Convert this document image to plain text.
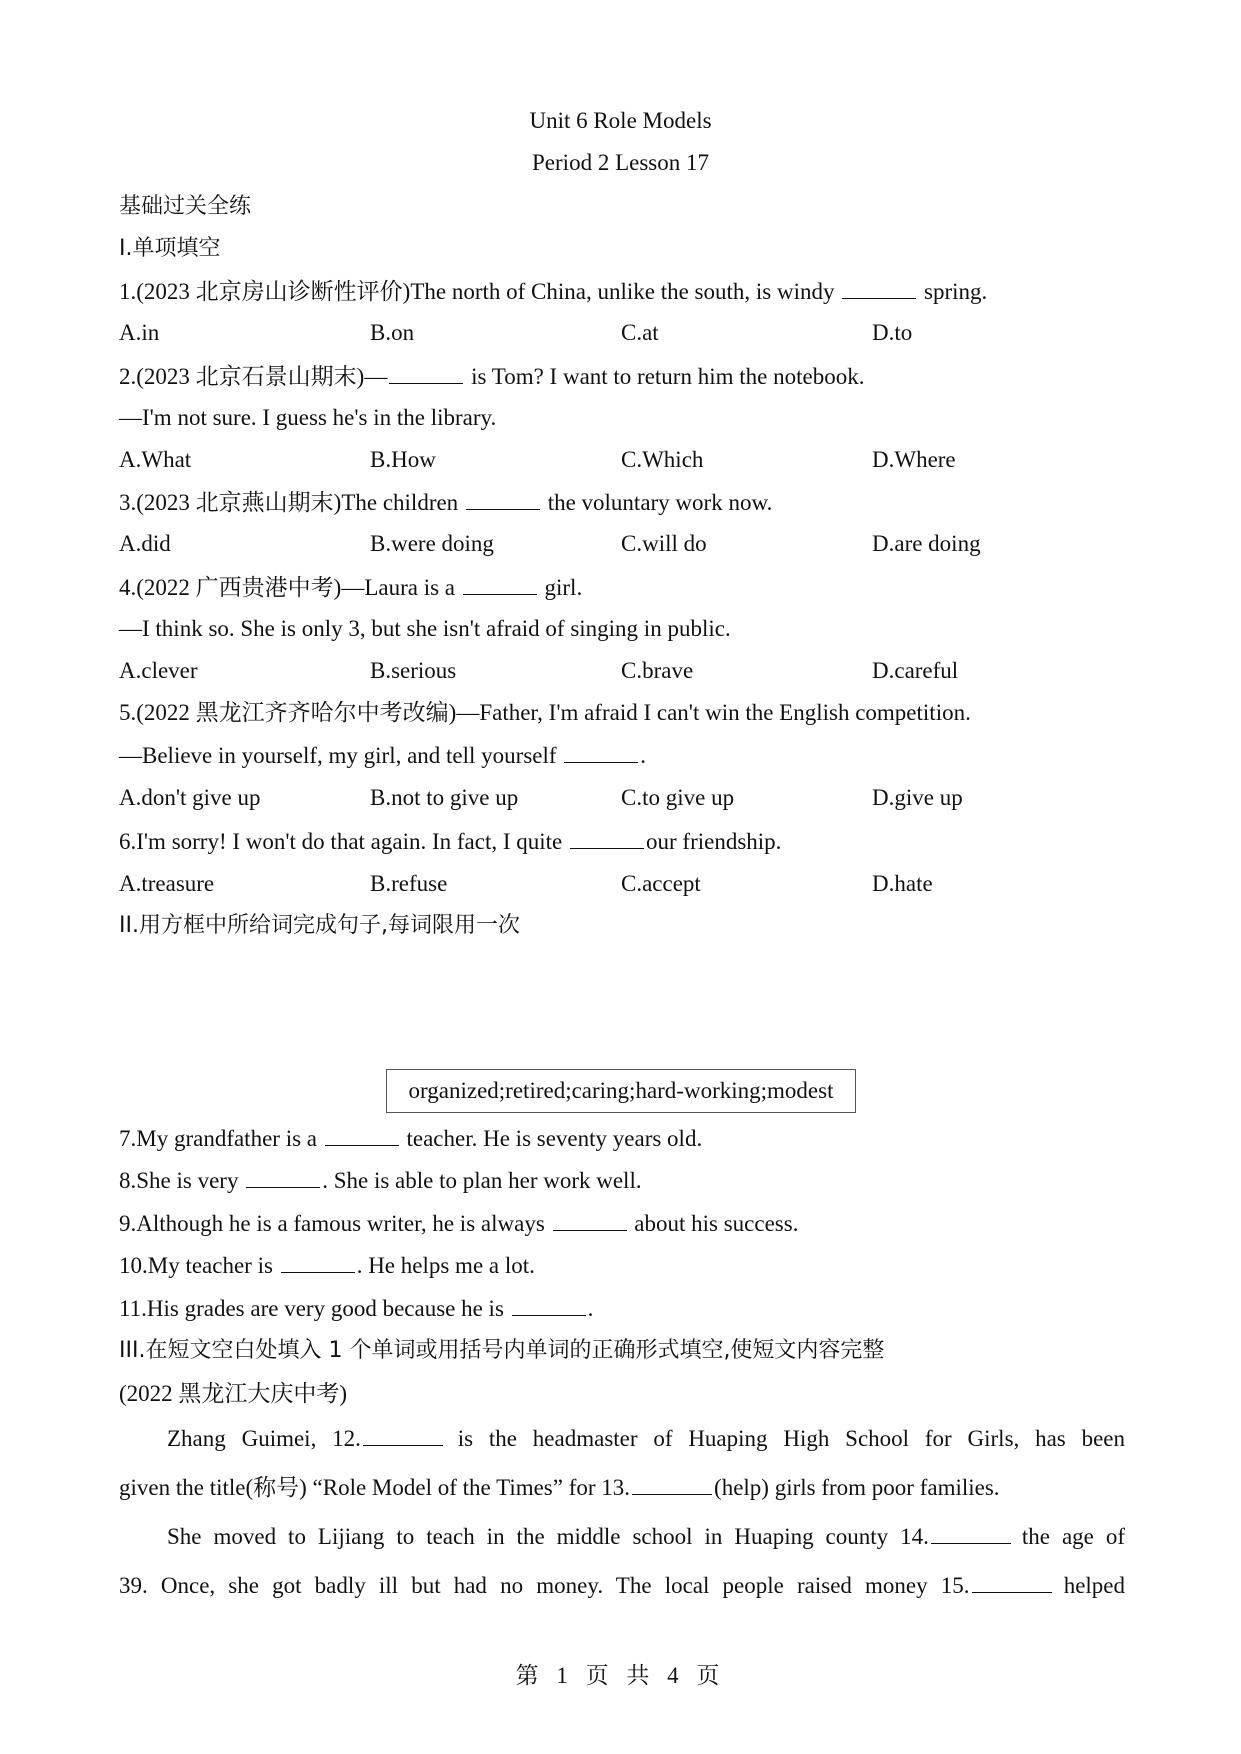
Unit 6 Role Models
Period 2 Lesson 17
基础过关全练
I.单项填空
1.(2023 北京房山诊断性评价)The north of China, unlike the south, is windy	spring.
A.in	B.on	C.at	D.to
2.(2023 北京石景山期末)—	is Tom? I want to return him the notebook.
—I'm not sure. I guess he's in the library.
A.What	B.How	C.Which	D.Where
3.(2023 北京燕山期末)The children	the voluntary work now.
A.did	B.were doing	C.will do	D.are doing
4.(2022 广西贵港中考)—Laura is a	girl.
—I think so. She is only 3, but she isn't afraid of singing in public.
A.clever	B.serious	C.brave	D.careful
5.(2022 黑龙江齐齐哈尔中考改编)—Father, I'm afraid I can't win the English competition.
—Believe in yourself, my girl, and tell yourself	.
A.don't give up	B.not to give up	C.to give up	D.give up
6.I'm sorry! I won't do that again. In fact, I quite	our friendship.
A.treasure	B.refuse	C.accept	D.hate
II.用方框中所给词完成句子,每词限用一次
organized;retired;caring;hard-working;modest
7.My grandfather is a	teacher. He is seventy years old.
8.She is very	. She is able to plan her work well.
9.Although he is a famous writer, he is always	about his success.
10.My teacher is	. He helps me a lot.
11.His grades are very good because he is	.
III.在短文空白处填入 1 个单词或用括号内单词的正确形式填空,使短文内容完整
(2022 黑龙江大庆中考)
Zhang Guimei, 12.	is the headmaster of Huaping High School for Girls, has been
given the title(称号) “Role Model of the Times” for 13.	(help) girls from poor families.
She moved to Lijiang to teach in the middle school in Huaping county 14.	the age of
39. Once, she got badly ill but had no money. The local people raised money 15.	helped
第 1 页 共 4 页
